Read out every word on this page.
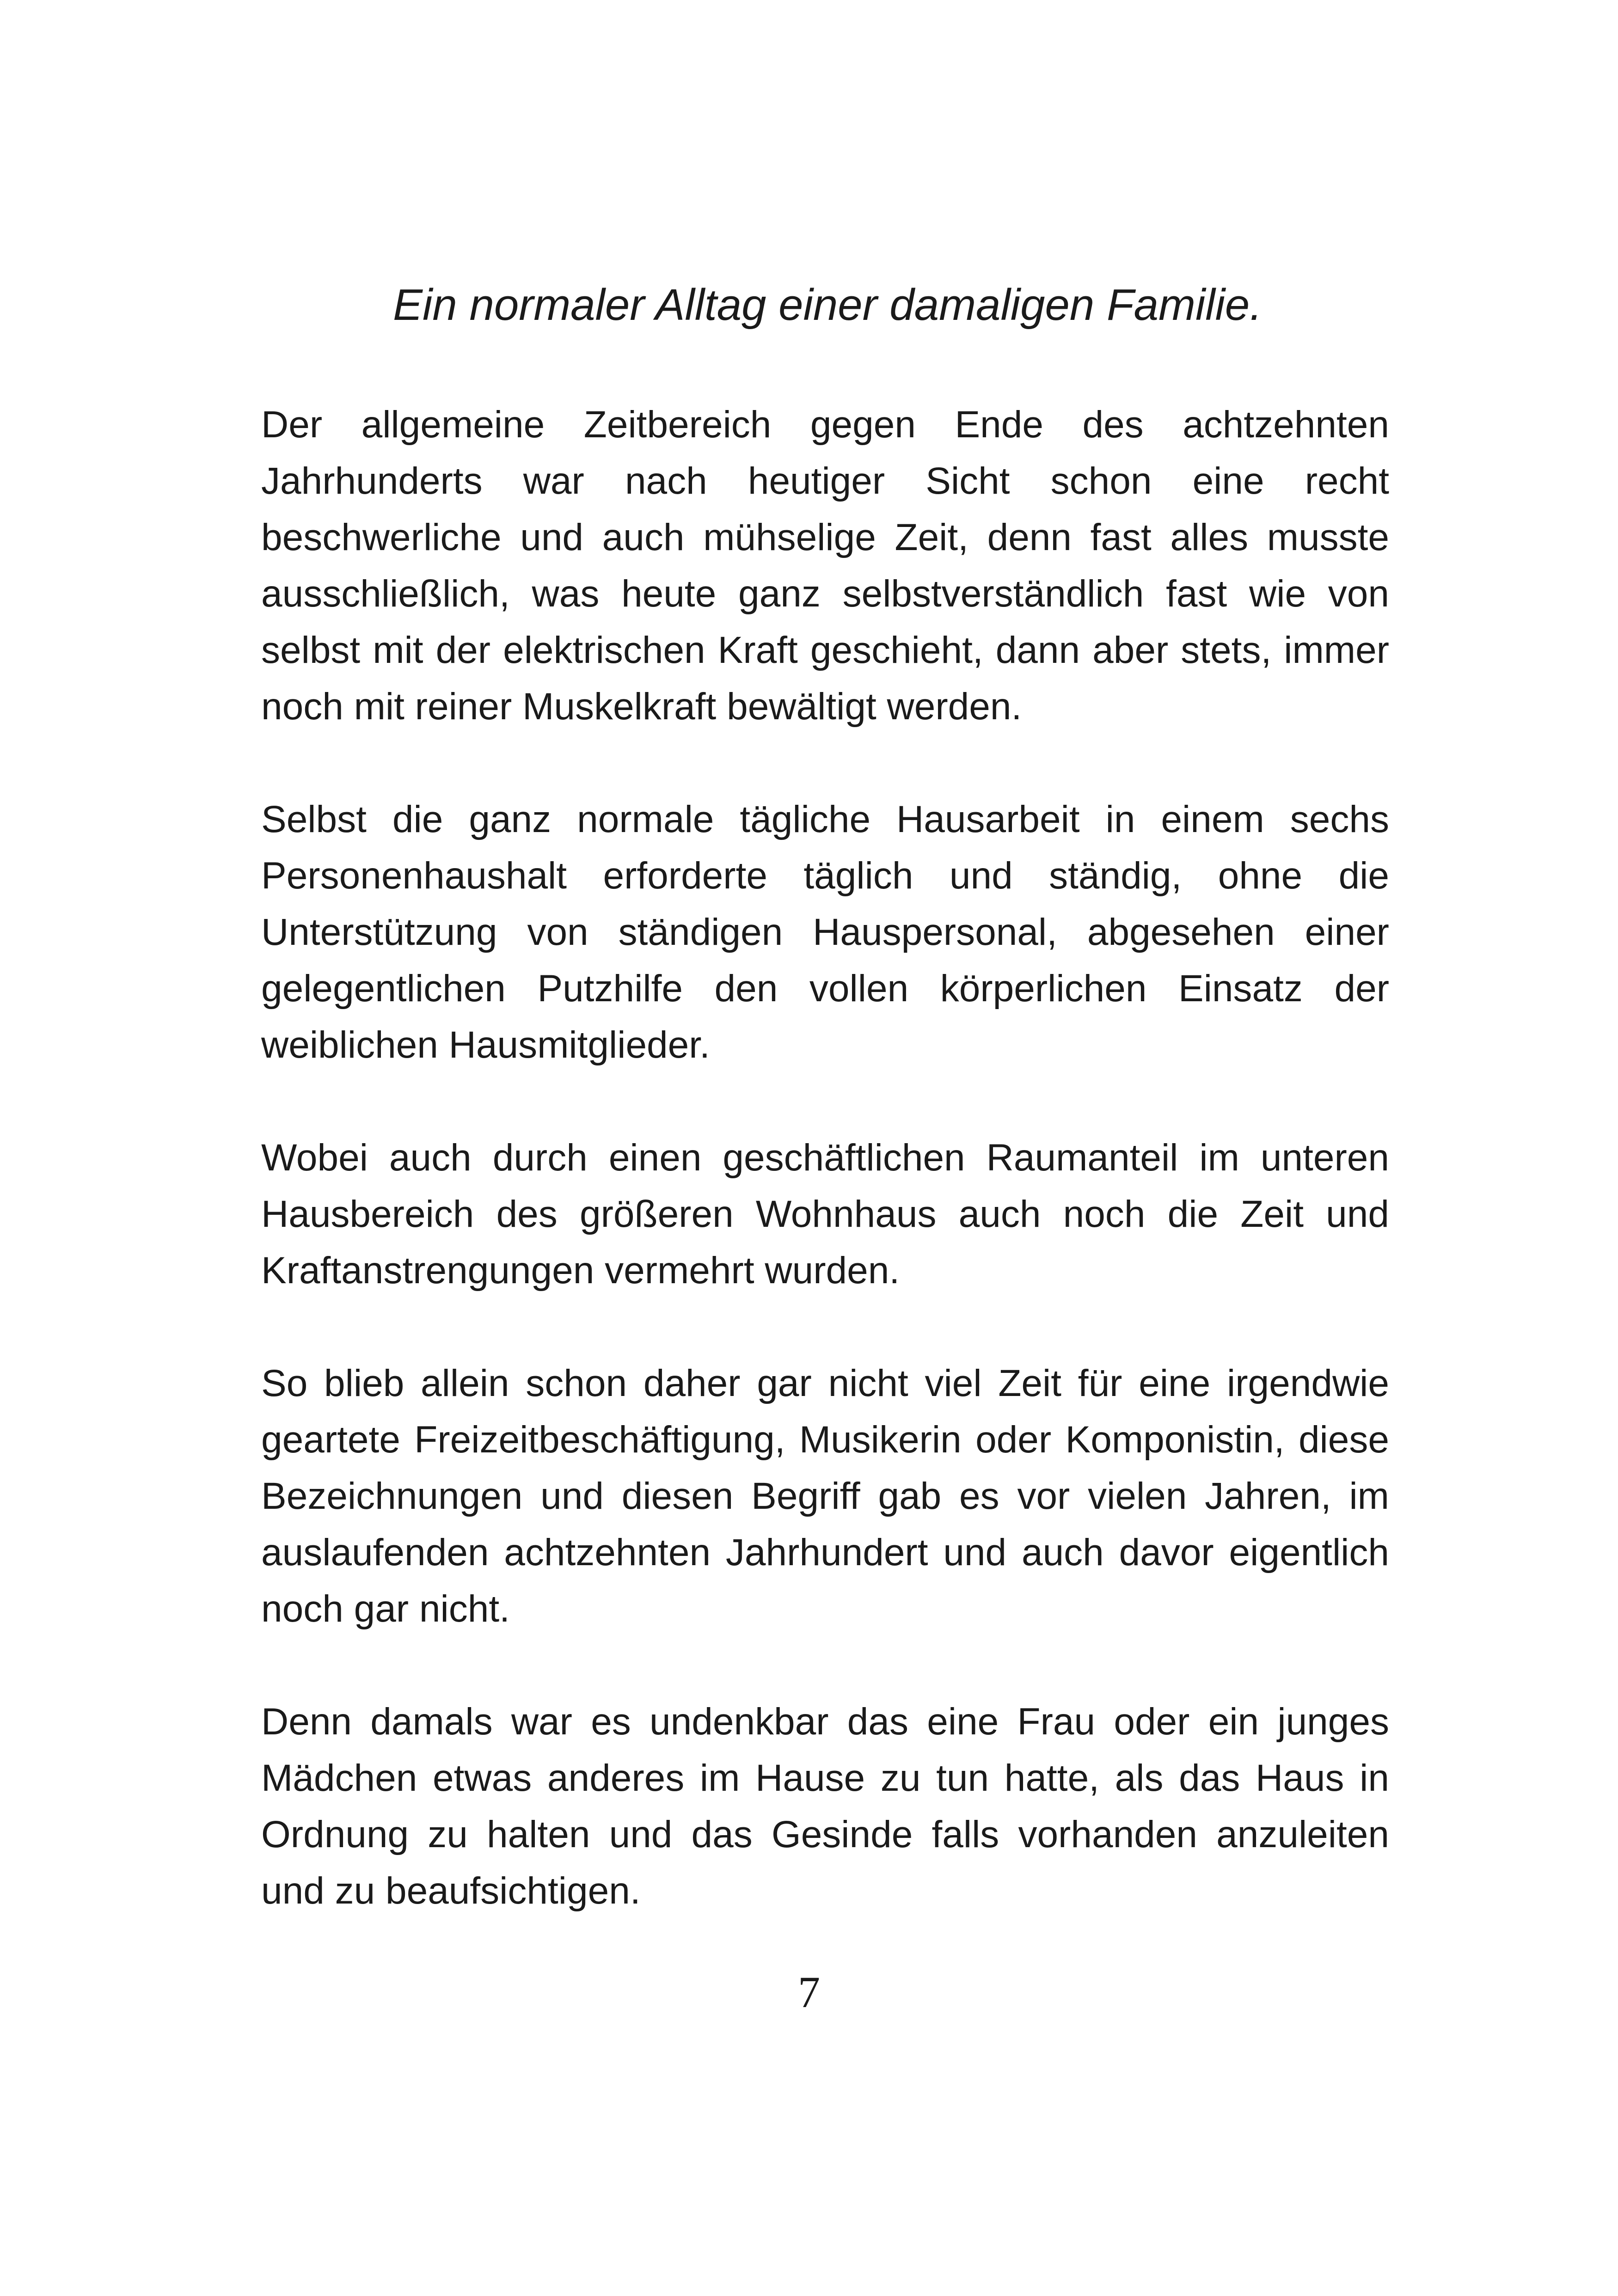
Ein normaler Alltag einer damaligen Familie.

Der allgemeine Zeitbereich gegen Ende des achtzehnten Jahrhunderts war nach heutiger Sicht schon eine recht beschwerliche und auch mühselige Zeit, denn fast alles musste ausschließlich, was heute ganz selbstverständlich fast wie von selbst mit der elektrischen Kraft geschieht, dann aber stets, immer noch mit reiner Muskelkraft bewältigt werden.

Selbst die ganz normale tägliche Hausarbeit in einem sechs Personenhaushalt erforderte täglich und ständig, ohne die Unterstützung von ständigen Hauspersonal, abgesehen einer gelegentlichen Putzhilfe den vollen körperlichen Einsatz der weiblichen Hausmitglieder.

Wobei auch durch einen geschäftlichen Raumanteil im unteren Hausbereich des größeren Wohnhaus auch noch die Zeit und Kraftanstrengungen vermehrt wurden.

So blieb allein schon daher gar nicht viel Zeit für eine irgendwie geartete Freizeitbeschäftigung, Musikerin oder Komponistin, diese Bezeichnungen und diesen Begriff gab es vor vielen Jahren, im auslaufenden achtzehnten Jahrhundert und auch davor eigentlich noch gar nicht.

Denn damals war es undenkbar das eine Frau oder ein junges Mädchen etwas anderes im Hause zu tun hatte, als das Haus in Ordnung zu halten und das Gesinde falls vorhanden anzuleiten und zu beaufsichtigen.

7
